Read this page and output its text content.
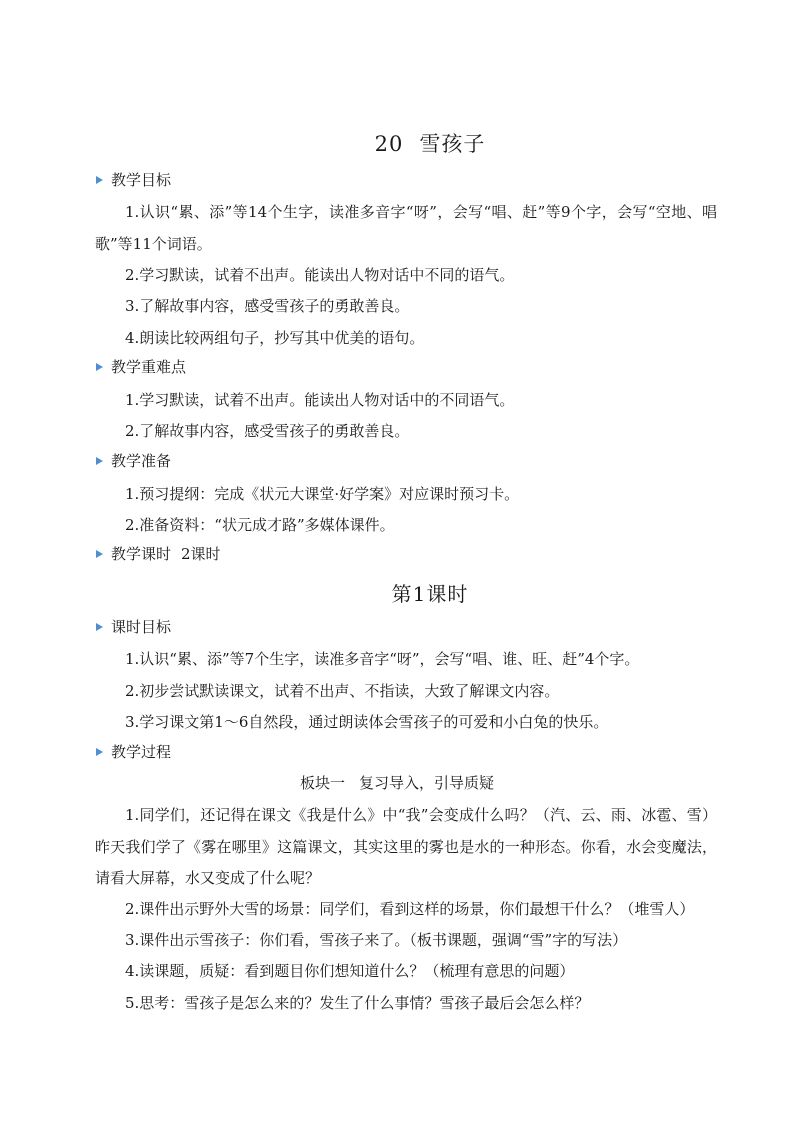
20 雪孩子
教学目标

1.认识“累、添”等14个生字，读准多音字“呀”，会写“唱、赶”等9个字，会写“空地、唱歌”等11个词语。

2.学习默读，试着不出声。能读出人物对话中不同的语气。

3.了解故事内容，感受雪孩子的勇敢善良。

4.朗读比较两组句子，抄写其中优美的语句。

教学重难点

1.学习默读，试着不出声。能读出人物对话中的不同语气。

2.了解故事内容，感受雪孩子的勇敢善良。

教学准备

1.预习提纲：完成《状元大课堂·好学案》对应课时预习卡。

2.准备资料：“状元成才路”多媒体课件。

教学课时 2课时
第1课时
课时目标

1.认识“累、添”等7个生字，读准多音字“呀”，会写“唱、谁、旺、赶”4个字。

2.初步尝试默读课文，试着不出声、不指读，大致了解课文内容。

3.学习课文第1～6自然段，通过朗读体会雪孩子的可爱和小白兔的快乐。

教学过程
板块一 复习导入，引导质疑

1.同学们，还记得在课文《我是什么》中“我”会变成什么吗？（汽、云、雨、冰雹、雪）昨天我们学了《雾在哪里》这篇课文，其实这里的雾也是水的一种形态。你看，水会变魔法，请看大屏幕，水又变成了什么呢？

2.课件出示野外大雪的场景：同学们，看到这样的场景，你们最想干什么？（堆雪人）

3.课件出示雪孩子：你们看，雪孩子来了。（板书课题，强调“雪”字的写法）

4.读课题，质疑：看到题目你们想知道什么？（梳理有意思的问题）

5.思考：雪孩子是怎么来的？发生了什么事情？雪孩子最后会怎么样？
